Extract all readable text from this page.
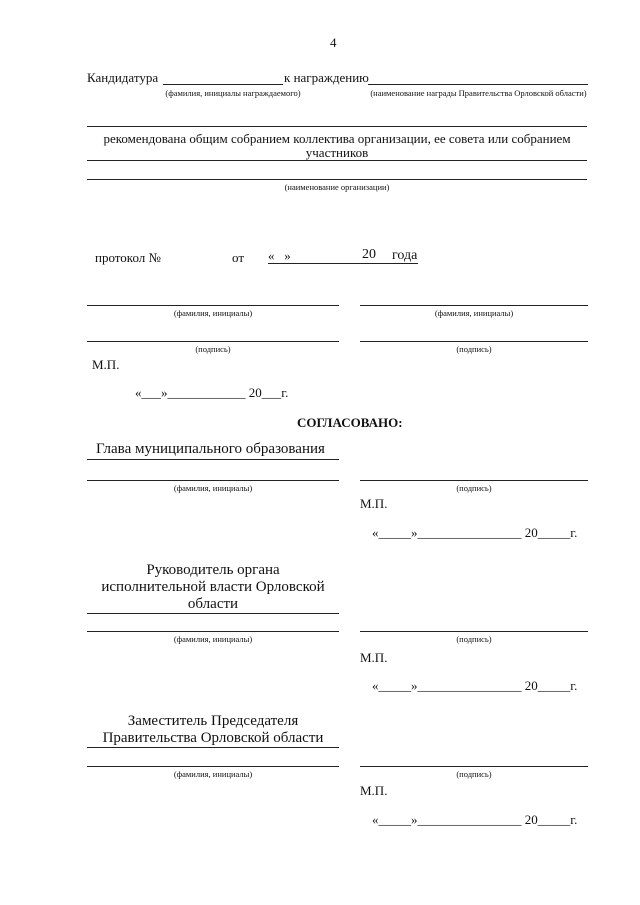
4
Кандидатура	к награждению
(фамилия, инициалы награждаемого)	(наименование награды Правительства Орловской области)
рекомендована общим собранием коллектива организации, ее совета или собранием
участников
(наименование организации)
протокол №	от «   »	20 года
(фамилия, инициалы)	(фамилия, инициалы)
(подпись)	(подпись)
М.П.
«___»____________ 20___г.
СОГЛАСОВАНО:
Глава муниципального образования
(фамилия, инициалы)	(подпись)
М.П.
«_____»________________ 20_____г.
Руководитель органа
исполнительной власти Орловской
области
(фамилия, инициалы)	(подпись)
М.П.
«_____»________________ 20_____г.
Заместитель Председателя
Правительства Орловской области
(фамилия, инициалы)	(подпись)
М.П.
«_____»________________ 20_____г.
